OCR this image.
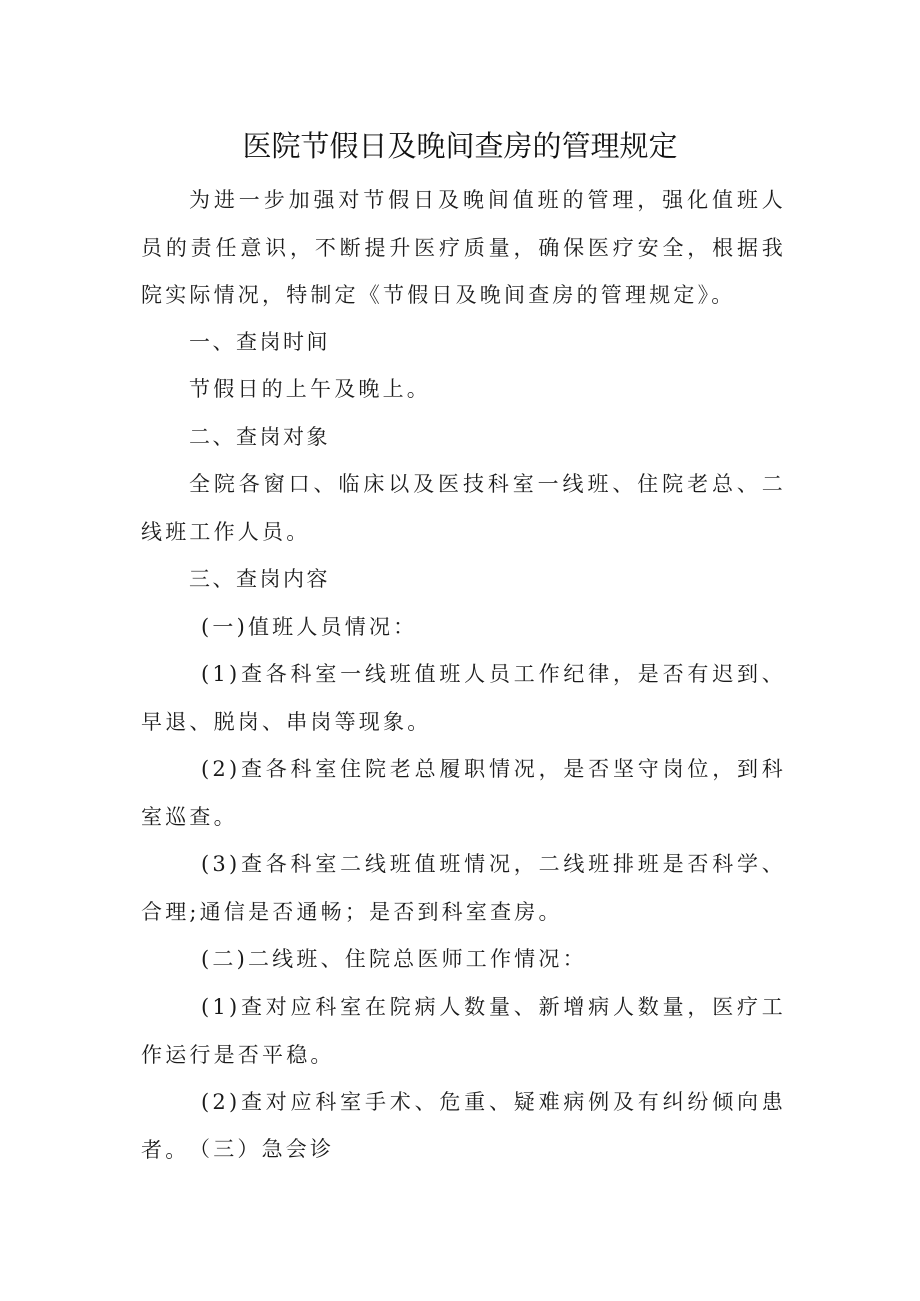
医院节假日及晚间查房的管理规定
为进一步加强对节假日及晚间值班的管理，强化值班人员的责任意识，不断提升医疗质量，确保医疗安全，根据我院实际情况，特制定《节假日及晚间查房的管理规定》。
一、查岗时间
节假日的上午及晚上。
二、查岗对象
全院各窗口、临床以及医技科室一线班、住院老总、二线班工作人员。
三、查岗内容
(一)值班人员情况：
(1)查各科室一线班值班人员工作纪律，是否有迟到、早退、脱岗、串岗等现象。
(2)查各科室住院老总履职情况，是否坚守岗位，到科室巡查。
(3)查各科室二线班值班情况，二线班排班是否科学、合理;通信是否通畅；是否到科室查房。
(二)二线班、住院总医师工作情况：
(1)查对应科室在院病人数量、新增病人数量，医疗工作运行是否平稳。
(2)查对应科室手术、危重、疑难病例及有纠纷倾向患者。 （三）急会诊
